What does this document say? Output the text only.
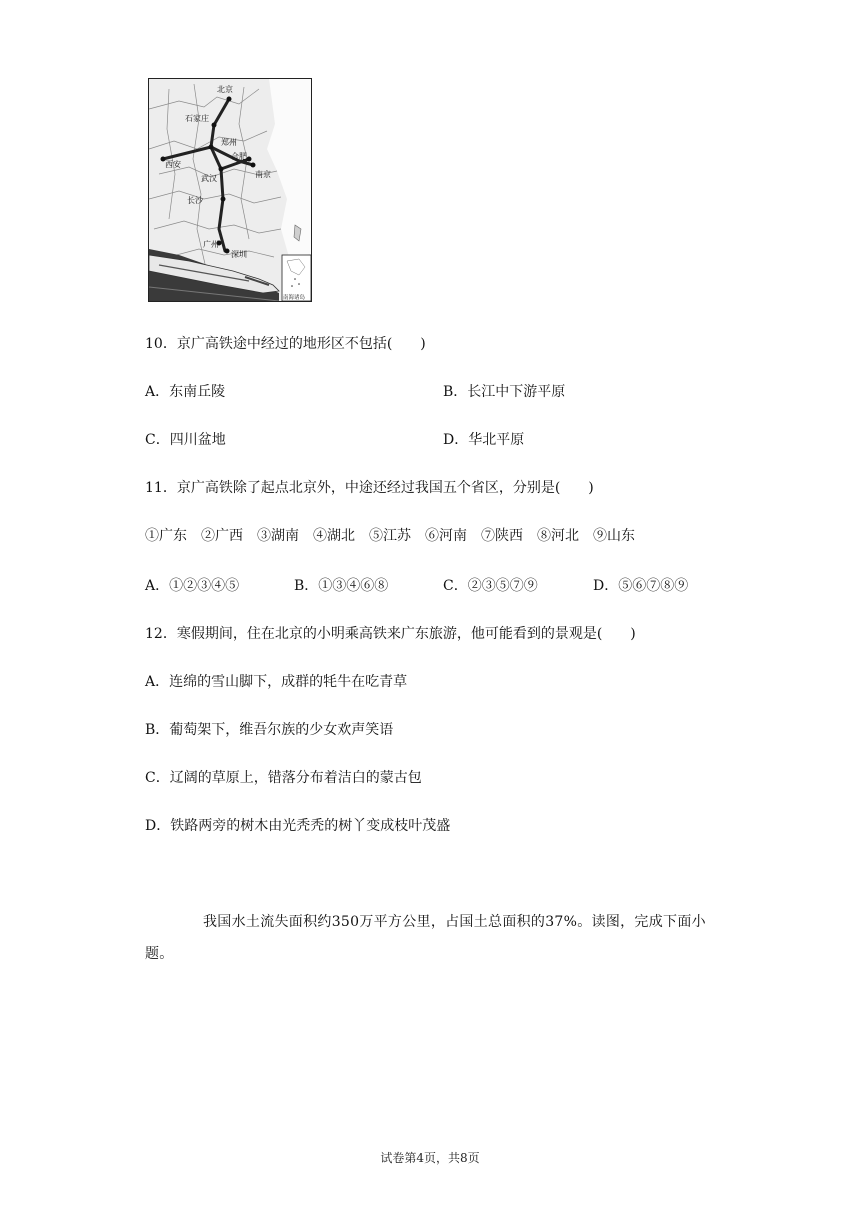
北京
石家庄
郑州
西安
合肥
南京
武汉
长沙
广州
深圳
南海诸岛
10．京广高铁途中经过的地形区不包括(　　)
A．东南丘陵	B．长江中下游平原
C．四川盆地	D．华北平原
11．京广高铁除了起点北京外，中途还经过我国五个省区，分别是(　　)
①广东　②广西　③湖南　④湖北　⑤江苏　⑥河南　⑦陕西　⑧河北　⑨山东
A．①②③④⑤	B．①③④⑥⑧	C．②③⑤⑦⑨	D．⑤⑥⑦⑧⑨
12．寒假期间，住在北京的小明乘高铁来广东旅游，他可能看到的景观是(　　)
A．连绵的雪山脚下，成群的牦牛在吃青草
B．葡萄架下，维吾尔族的少女欢声笑语
C．辽阔的草原上，错落分布着洁白的蒙古包
D．铁路两旁的树木由光秃秃的树丫变成枝叶茂盛
我国水土流失面积约350万平方公里，占国土总面积的37%。读图，完成下面小题。
试卷第4页，共8页
